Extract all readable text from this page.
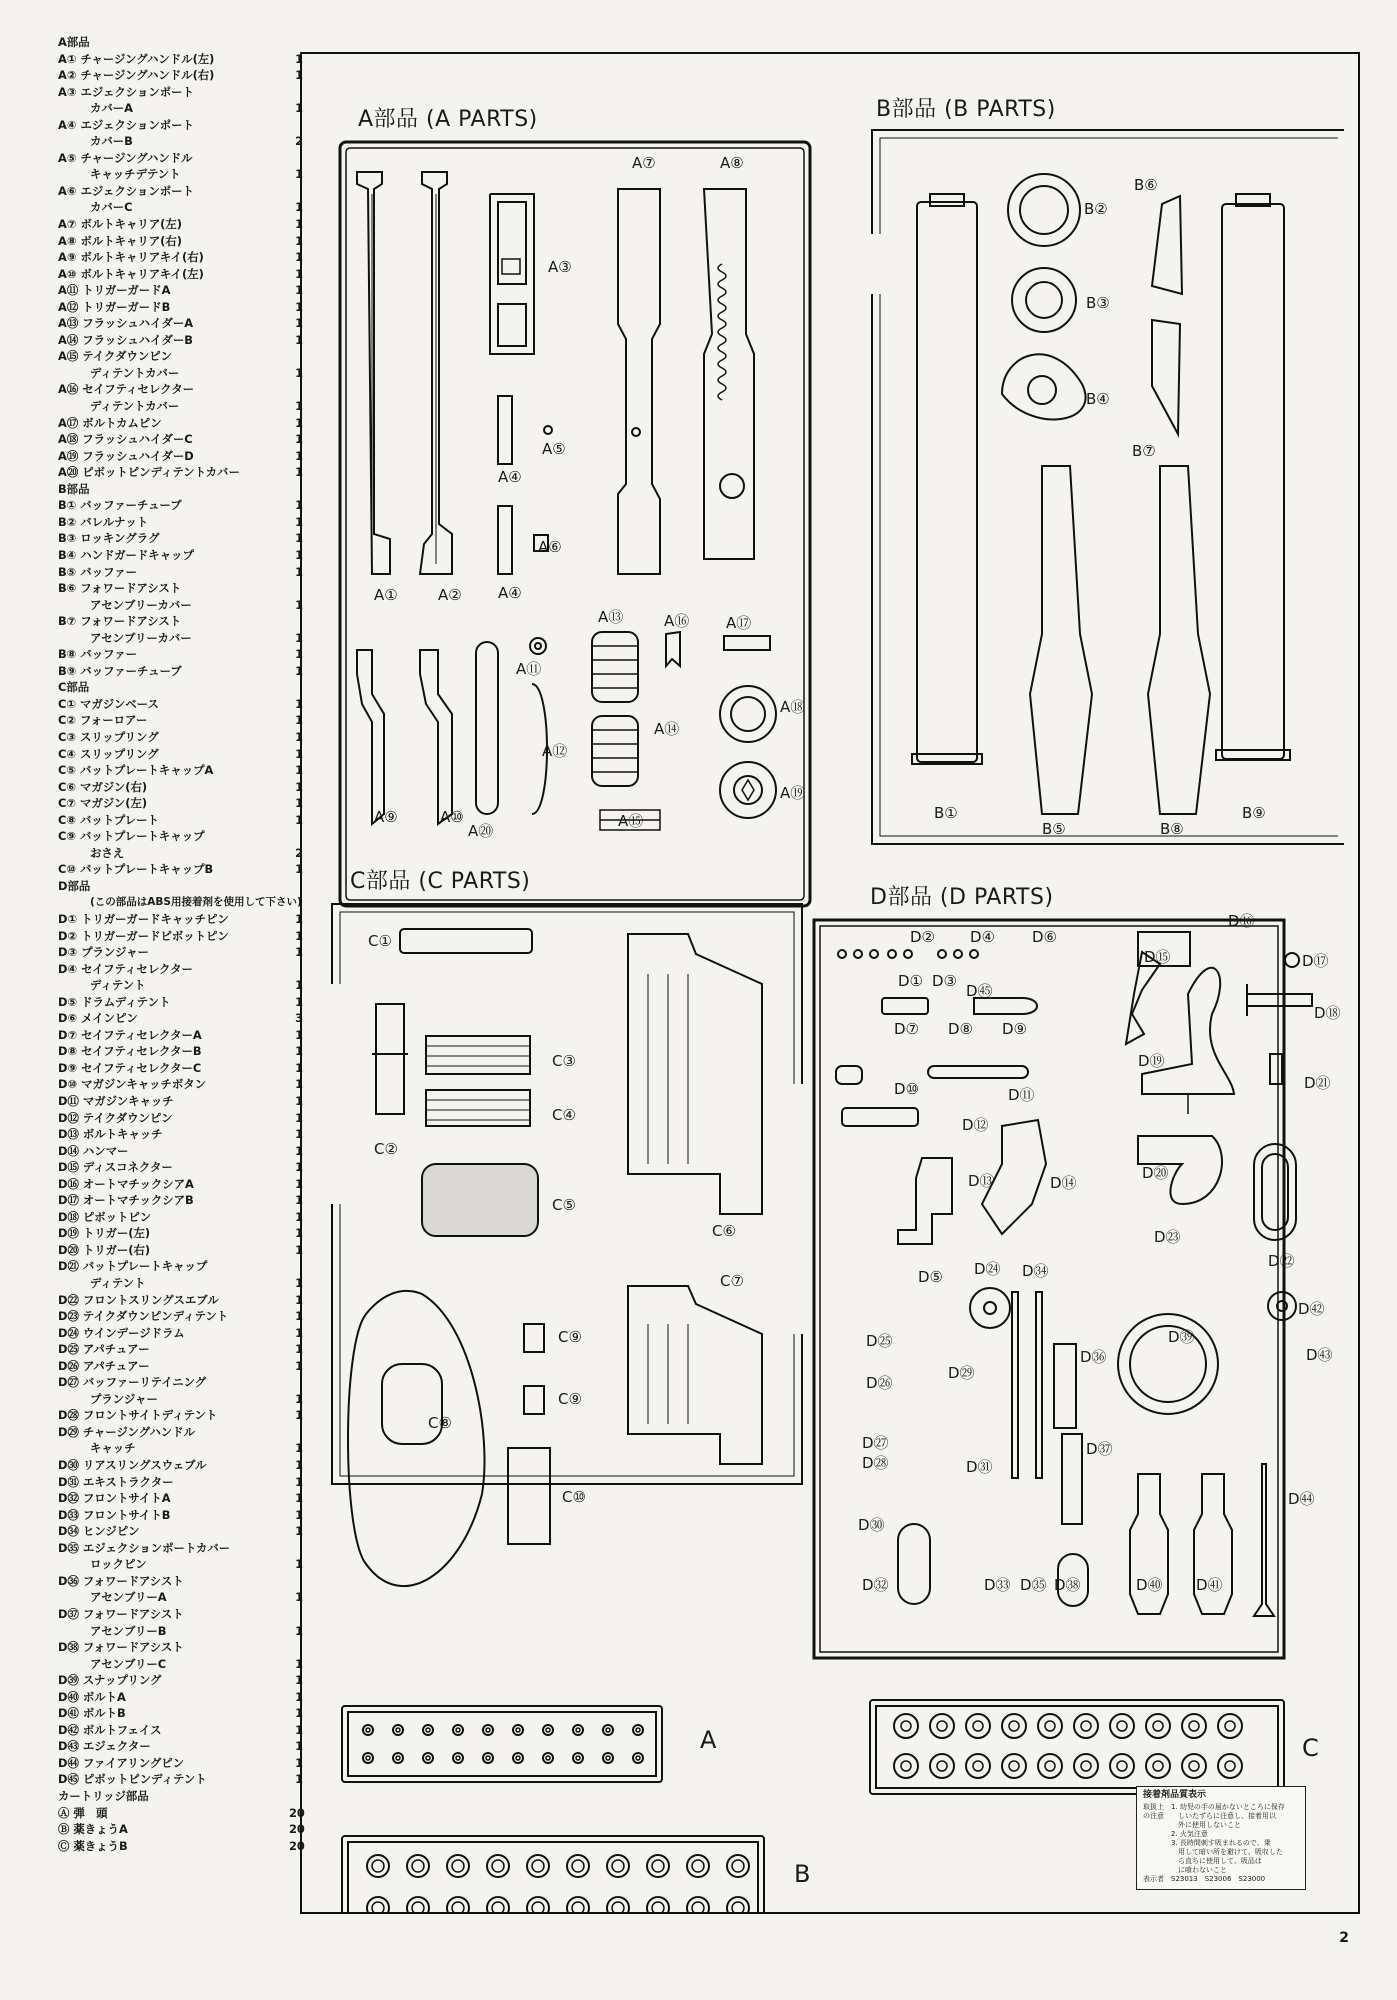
A部品
A① チャージングハンドル(左)	1
A② チャージングハンドル(右)	1
A③ エジェクションポート
カバーA	1
A④ エジェクションポート
カバーB	2
A⑤ チャージングハンドル
キャッチデテント	1
A⑥ エジェクションポート
カバーC	1
A⑦ ボルトキャリア(左)	1
A⑧ ボルトキャリア(右)	1
A⑨ ボルトキャリアキイ(右)	1
A⑩ ボルトキャリアキイ(左)	1
A⑪ トリガーガードA	1
A⑫ トリガーガードB	1
A⑬ フラッシュハイダーA	1
A⑭ フラッシュハイダーB	1
A⑮ テイクダウンピン
ディテントカバー	1
A⑯ セイフティセレクター
ディテントカバー	1
A⑰ ボルトカムピン	1
A⑱ フラッシュハイダーC	1
A⑲ フラッシュハイダーD	1
A⑳ ピボットピンディテントカバー	1
B部品
B① バッファーチューブ	1
B② バレルナット	1
B③ ロッキングラグ	1
B④ ハンドガードキャップ	1
B⑤ バッファー	1
B⑥ フォワードアシスト
アセンブリーカバー	1
B⑦ フォワードアシスト
アセンブリーカバー	1
B⑧ バッファー	1
B⑨ バッファーチューブ	1
C部品
C① マガジンベース	1
C② フォーロアー	1
C③ スリップリング	1
C④ スリップリング	1
C⑤ バットプレートキャップA	1
C⑥ マガジン(右)	1
C⑦ マガジン(左)	1
C⑧ バットプレート	1
C⑨ バットプレートキャップ
おさえ	2
C⑩ バットプレートキャップB	1
D部品
(この部品はABS用接着剤を使用して下さい)
D① トリガーガードキャッチピン	1
D② トリガーガードピボットピン	1
D③ プランジャー	1
D④ セイフティセレクター
ディテント	1
D⑤ ドラムディテント	1
D⑥ メインピン	3
D⑦ セイフティセレクターA	1
D⑧ セイフティセレクターB	1
D⑨ セイフティセレクターC	1
D⑩ マガジンキャッチボタン	1
D⑪ マガジンキャッチ	1
D⑫ テイクダウンピン	1
D⑬ ボルトキャッチ	1
D⑭ ハンマー	1
D⑮ ディスコネクター	1
D⑯ オートマチックシアA	1
D⑰ オートマチックシアB	1
D⑱ ピボットピン	1
D⑲ トリガー(左)	1
D⑳ トリガー(右)	1
D㉑ バットプレートキャップ
ディテント	1
D㉒ フロントスリングスエブル	1
D㉓ テイクダウンピンディテント	1
D㉔ ウインデージドラム	1
D㉕ アパチュアー	1
D㉖ アパチュアー	1
D㉗ バッファーリテイニング
プランジャー	1
D㉘ フロントサイトディテント	1
D㉙ チャージングハンドル
キャッチ	1
D㉚ リアスリングスウェブル	1
D㉛ エキストラクター	1
D㉜ フロントサイトA	1
D㉝ フロントサイトB	1
D㉞ ヒンジピン	1
D㉟ エジェクションポートカバー
ロックピン	1
D㊱ フォワードアシスト
アセンブリーA	1
D㊲ フォワードアシスト
アセンブリーB	1
D㊳ フォワードアシスト
アセンブリーC	1
D㊴ スナップリング	1
D㊵ ボルトA	1
D㊶ ボルトB	1
D㊷ ボルトフェイス	1
D㊸ エジェクター	1
D㊹ ファイアリングピン	1
D㊺ ピボットピンディテント	1
カートリッジ部品
Ⓐ 弾　頭	20
Ⓑ 薬きょうA	20
Ⓒ 薬きょうB	20
A部品 (A PARTS)	B部品 (B PARTS)
C部品 (C PARTS)
D部品 (D PARTS)
A⑦	A⑧
A③
A⑤
A④
A⑥
A④
A①	A②
A⑬	A⑯ A⑰
A⑪
A⑭
A⑱
A⑫
A⑮
A⑲
A⑨	A⑩
A⑳
B⑥
B②
B③
B④
B⑦
B①
B⑤	B⑧
B⑨
C①
C③
C④
C②
C⑤
C⑥
C⑦
C⑨
C⑨
C⑧
C⑩
D⑯
D② D④ D⑥
D⑮	D⑰
D① D③
D㊺
D⑱
D⑦ D⑧ D⑨
D⑲
D⑩	D⑪
D㉑
D⑫
D⑬	D⑭
D⑳
D㉓
D㉒
D⑤ D㉔ D㉞
D㊷
D㉕	D㊴
D㊸
D㉖
D㉙
D㊱
D㉗
D㉘	D㉛
D㊲
D㉚
D㊹
D㉜	D㉝ D㉟ D㊳	D㊵ D㊶
A
B
C
接着剤品質表示
取扱上　1. 幼児の手の届かないところに保存
の注意　　しいたずらに注意し、接着用以
　　　　　外に使用しないこと
　　　　2. 火気注意
　　　　3. 長時間刺す吸まれるので、乗
　　　　　用して暗い所を避けて、吸収した
　　　　　ら直ちに使用して、吸品は
　　　　　に喰わないこと
表示者　S23013　S23006　S23000
2
